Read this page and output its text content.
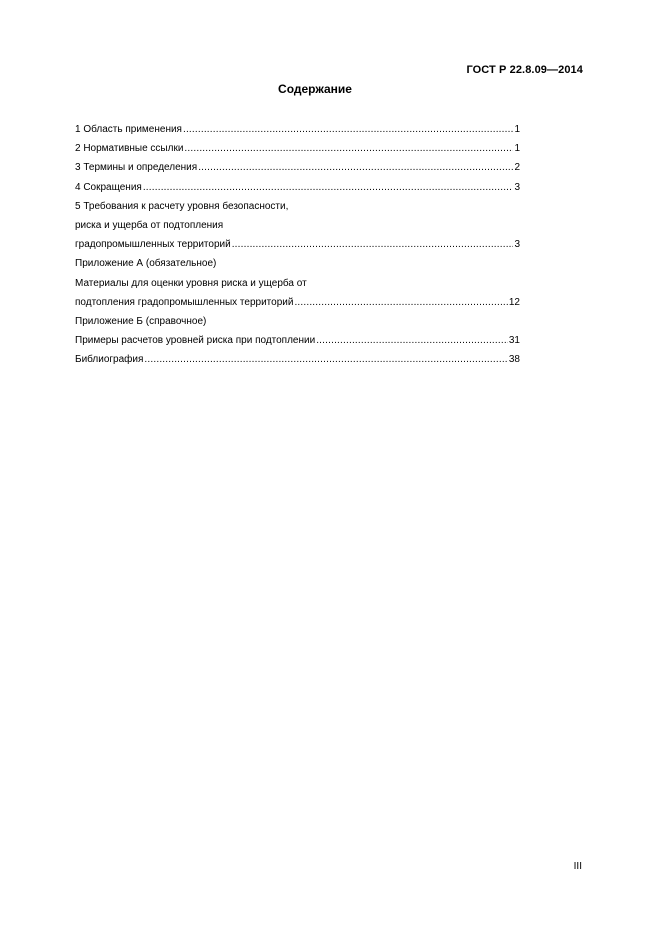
ГОСТ Р 22.8.09—2014
Содержание
1 Область применения .....	1
2 Нормативные ссылки .....	1
3 Термины и определения .....	2
4 Сокращения .....	3
5 Требования к расчету уровня безопасности,
риска и ущерба от подтопления
градопромышленных территорий .....	3
Приложение А (обязательное)
Материалы для оценки уровня риска и ущерба от
подтопления градопромышленных территорий .....	12
Приложение Б (справочное)
Примеры расчетов уровней риска при подтоплении .....	31
Библиография .....	38
III
